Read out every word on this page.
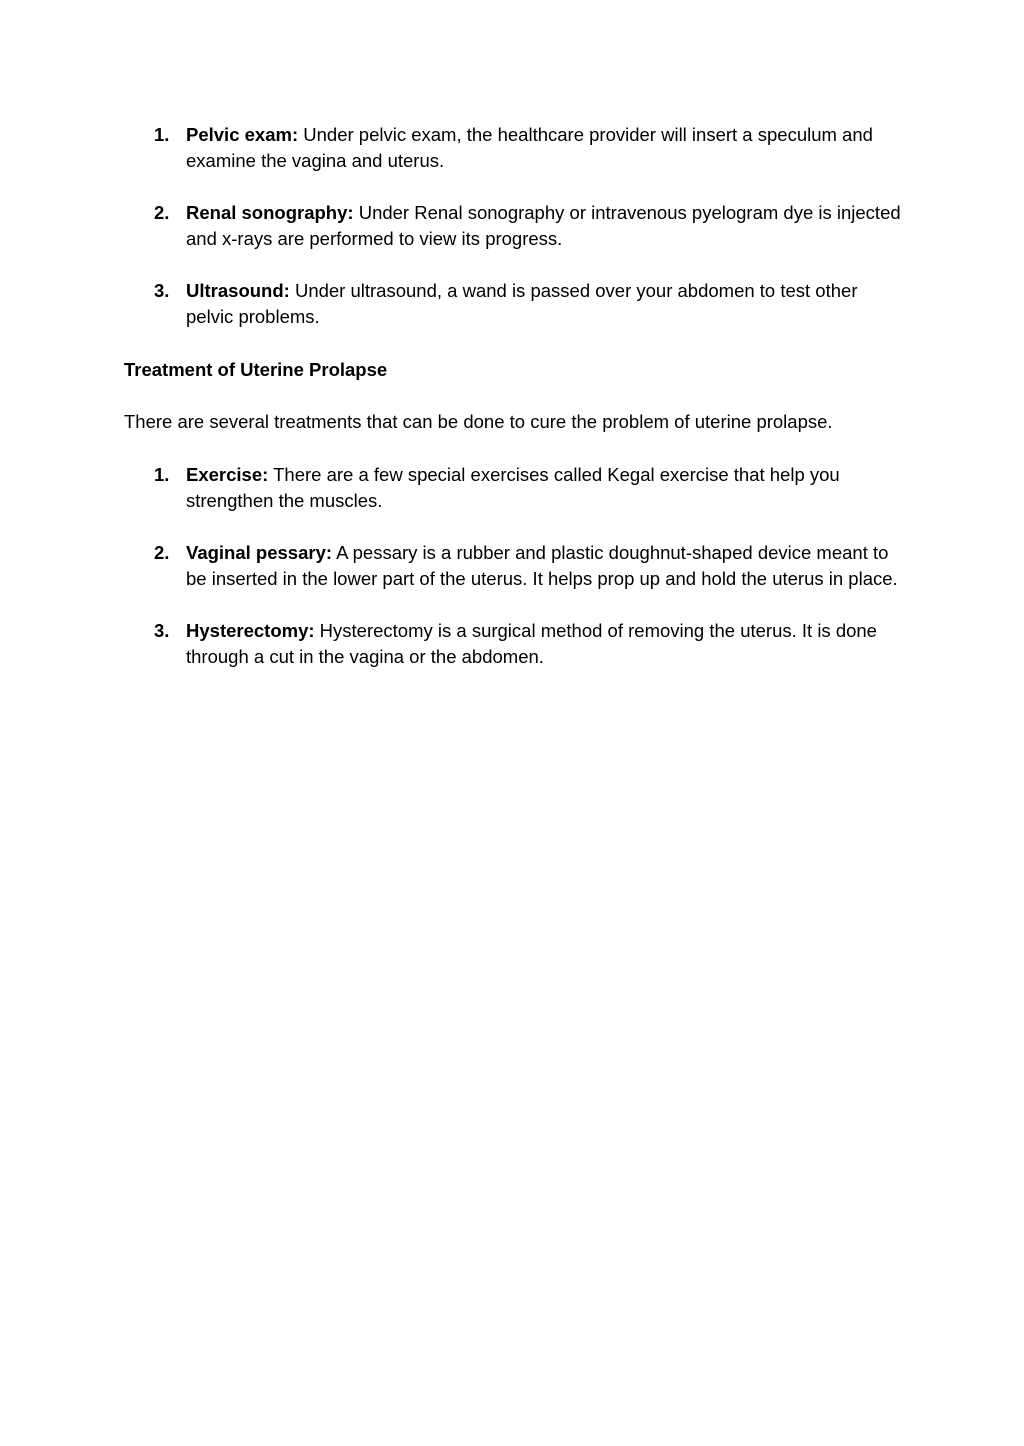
1. Pelvic exam: Under pelvic exam, the healthcare provider will insert a speculum and examine the vagina and uterus.
2. Renal sonography: Under Renal sonography or intravenous pyelogram dye is injected and x-rays are performed to view its progress.
3. Ultrasound: Under ultrasound, a wand is passed over your abdomen to test other pelvic problems.
Treatment of Uterine Prolapse

There are several treatments that can be done to cure the problem of uterine prolapse.

1. Exercise: There are a few special exercises called Kegal exercise that help you strengthen the muscles.
2. Vaginal pessary: A pessary is a rubber and plastic doughnut-shaped device meant to be inserted in the lower part of the uterus. It helps prop up and hold the uterus in place.
3. Hysterectomy: Hysterectomy is a surgical method of removing the uterus. It is done through a cut in the vagina or the abdomen.
